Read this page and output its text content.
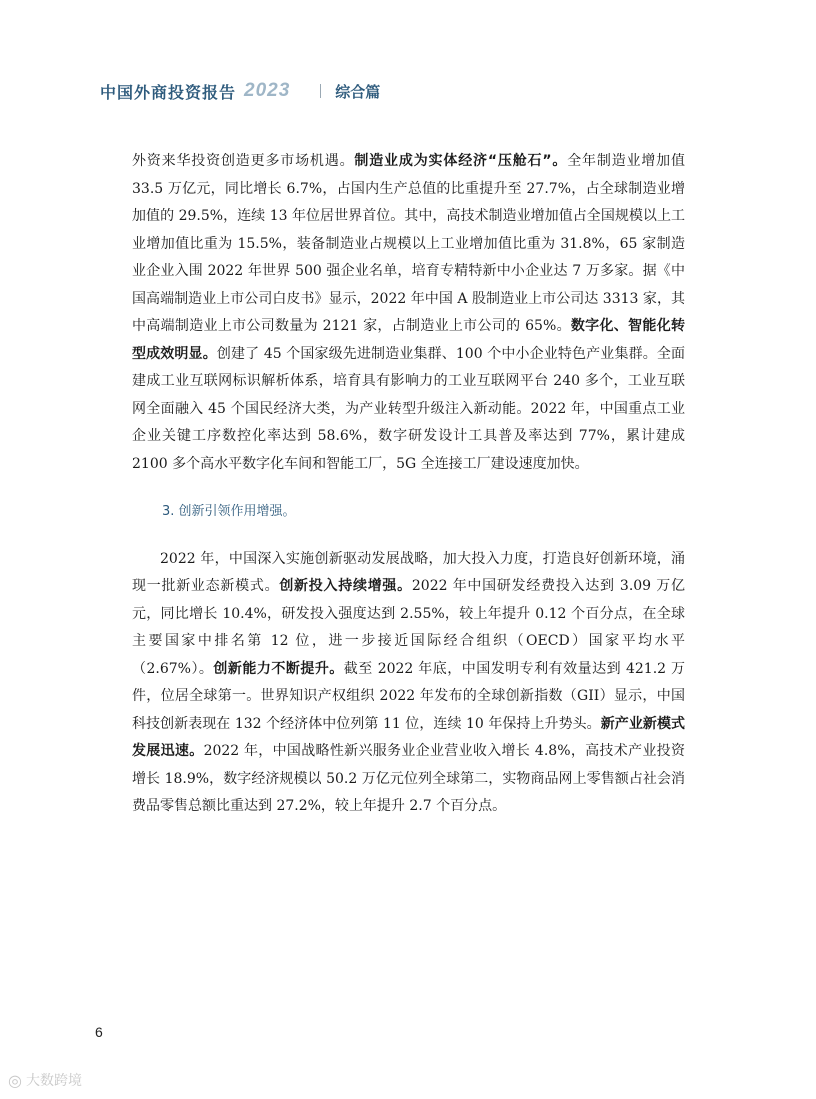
中国外商投资报告 2023	综合篇

外资来华投资创造更多市场机遇。制造业成为实体经济“压舱石”。全年制造业增加值 33.5 万亿元，同比增长 6.7%，占国内生产总值的比重提升至 27.7%，占全球制造业增加值的 29.5%，连续 13 年位居世界首位。其中，高技术制造业增加值占全国规模以上工业增加值比重为 15.5%，装备制造业占规模以上工业增加值比重为 31.8%，65 家制造业企业入围 2022 年世界 500 强企业名单，培育专精特新中小企业达 7 万多家。据《中国高端制造业上市公司白皮书》显示，2022 年中国 A 股制造业上市公司达 3313 家，其中高端制造业上市公司数量为 2121 家，占制造业上市公司的 65%。数字化、智能化转型成效明显。创建了 45 个国家级先进制造业集群、100 个中小企业特色产业集群。全面建成工业互联网标识解析体系，培育具有影响力的工业互联网平台 240 多个，工业互联网全面融入 45 个国民经济大类，为产业转型升级注入新动能。2022 年，中国重点工业企业关键工序数控化率达到 58.6%，数字研发设计工具普及率达到 77%，累计建成 2100 多个高水平数字化车间和智能工厂，5G 全连接工厂建设速度加快。

3. 创新引领作用增强。

2022 年，中国深入实施创新驱动发展战略，加大投入力度，打造良好创新环境，涌现一批新业态新模式。创新投入持续增强。2022 年中国研发经费投入达到 3.09 万亿元，同比增长 10.4%，研发投入强度达到 2.55%，较上年提升 0.12 个百分点，在全球主要国家中排名第 12 位，进一步接近国际经合组织（OECD）国家平均水平（2.67%）。创新能力不断提升。截至 2022 年底，中国发明专利有效量达到 421.2 万件，位居全球第一。世界知识产权组织 2022 年发布的全球创新指数（GII）显示，中国科技创新表现在 132 个经济体中位列第 11 位，连续 10 年保持上升势头。新产业新模式发展迅速。2022 年，中国战略性新兴服务业企业营业收入增长 4.8%，高技术产业投资增长 18.9%，数字经济规模以 50.2 万亿元位列全球第二，实物商品网上零售额占社会消费品零售总额比重达到 27.2%，较上年提升 2.7 个百分点。

6
◎ 大数跨境
